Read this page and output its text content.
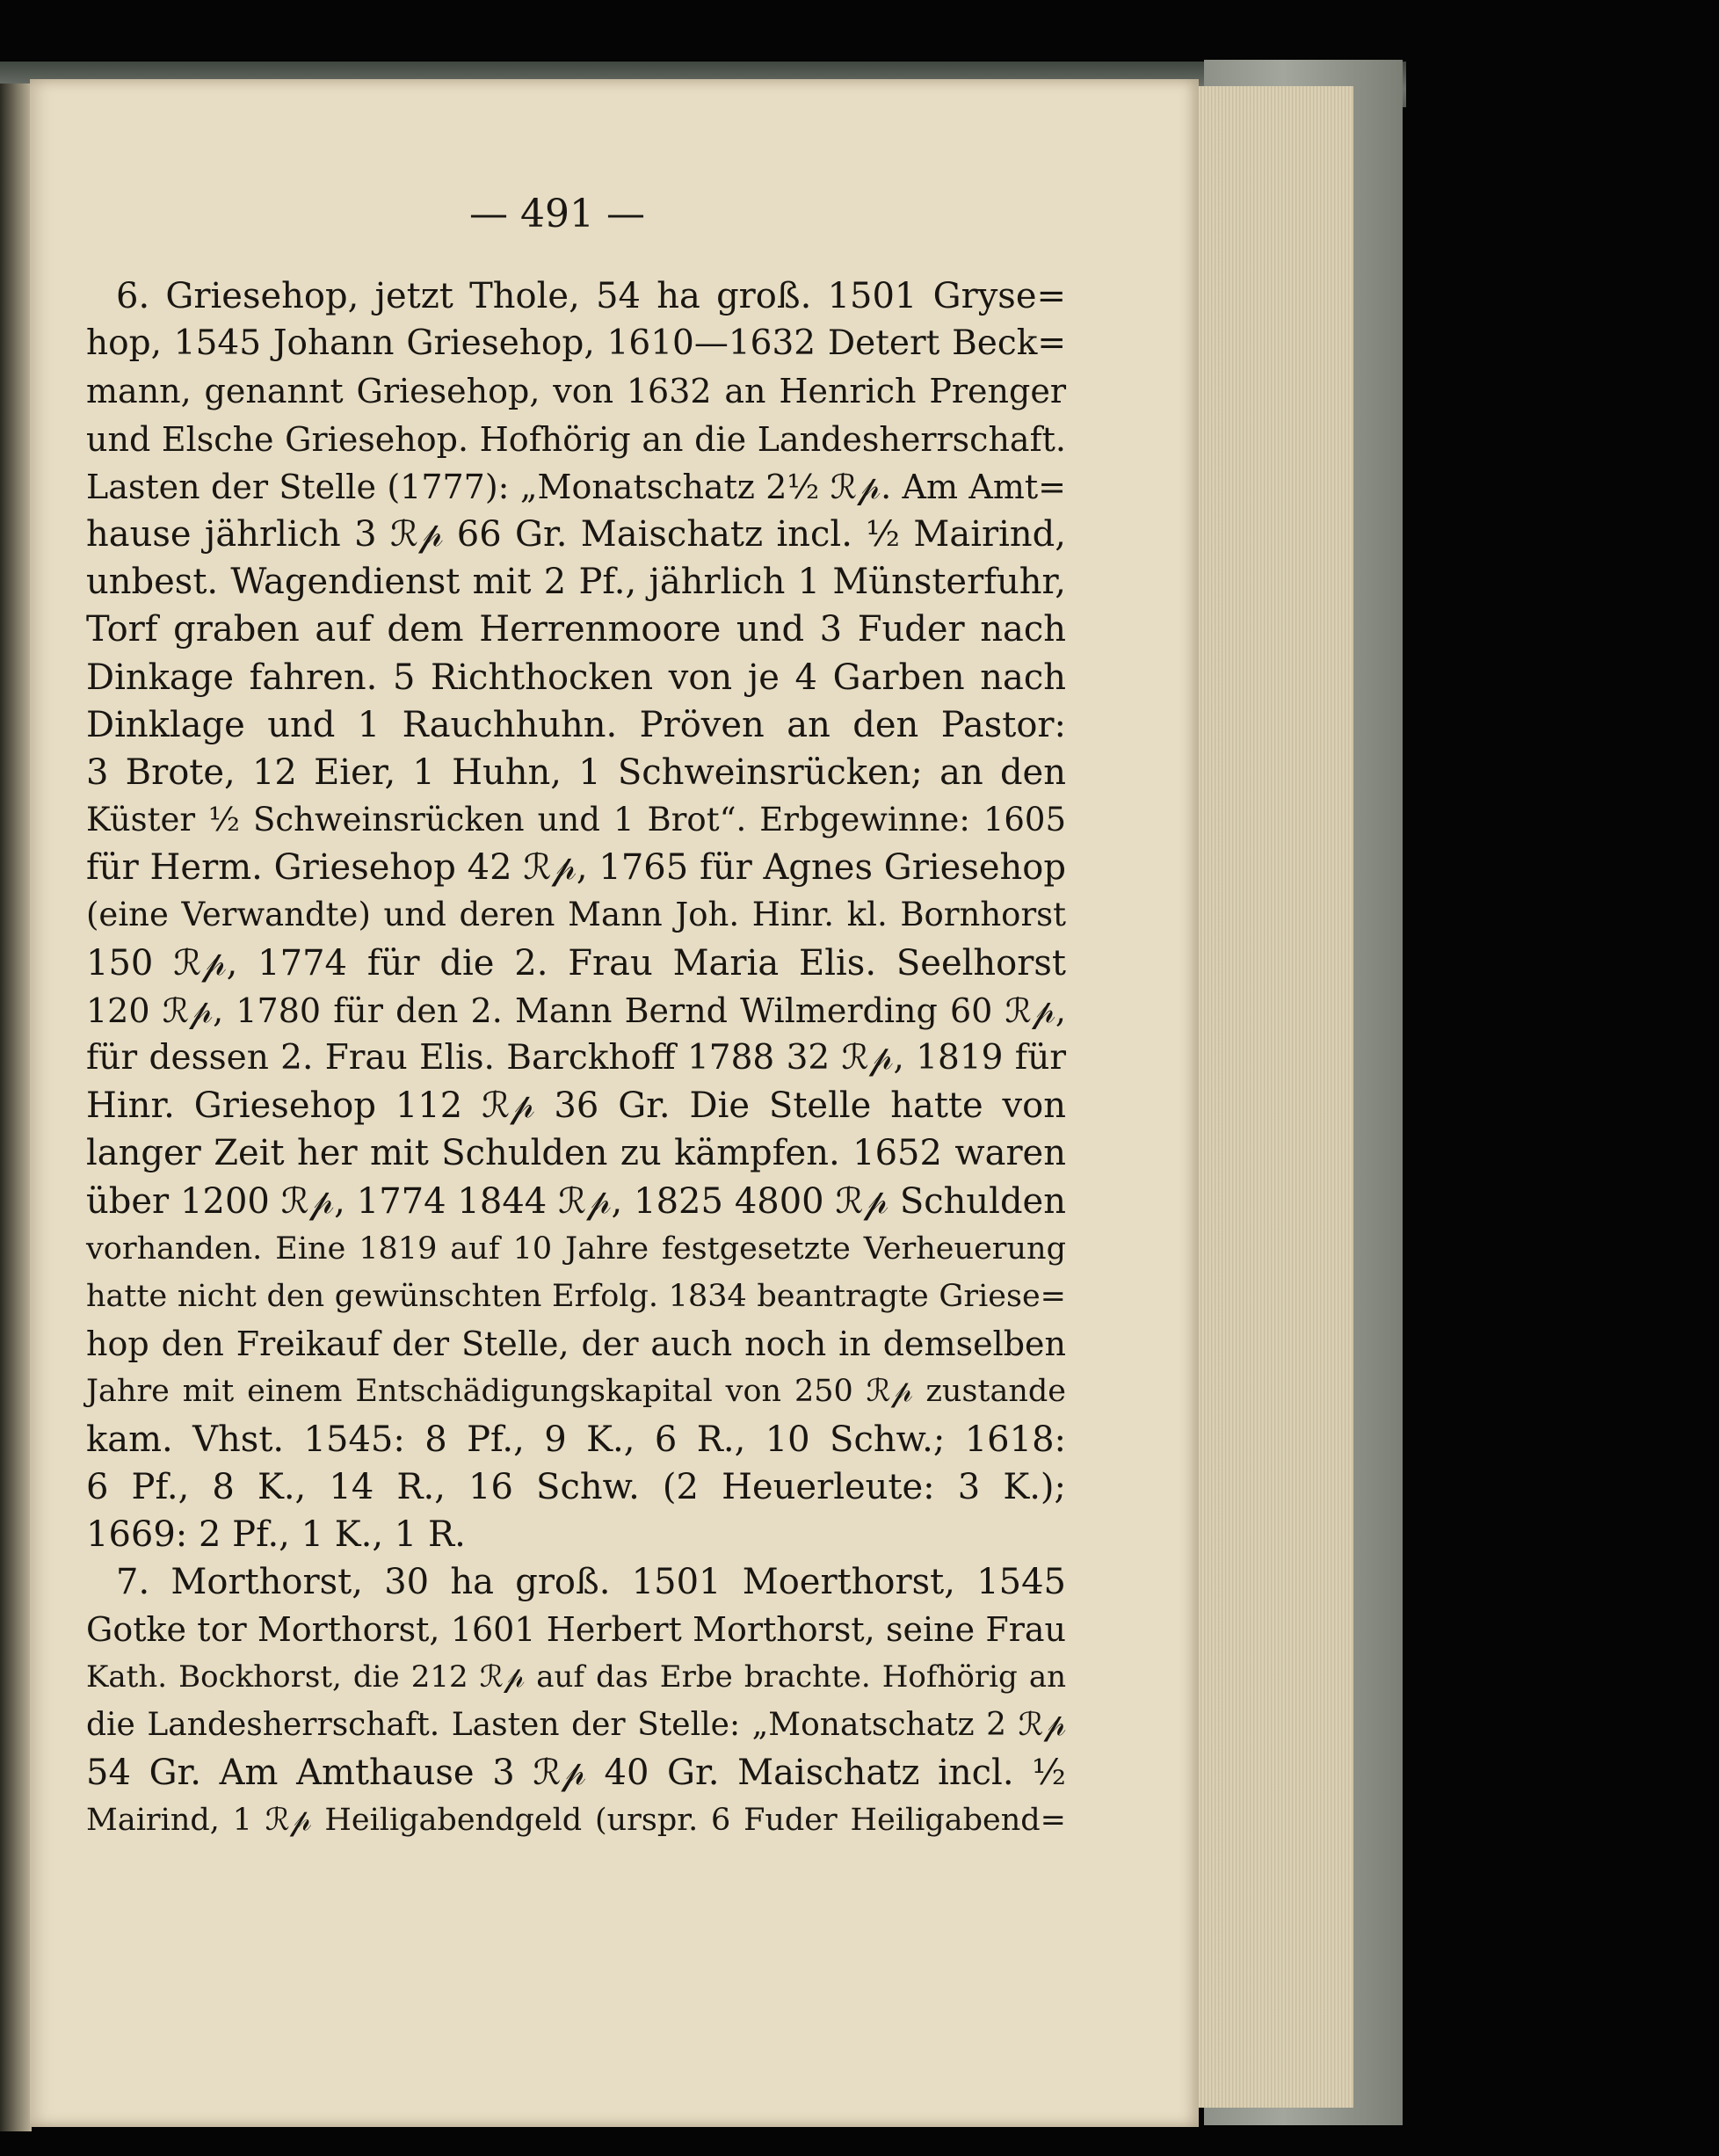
— 491 —
6. Griesehop, jetzt Thole, 54 ha groß. 1501 Gryse=
hop, 1545 Johann Griesehop, 1610—1632 Detert Beck=
mann, genannt Griesehop, von 1632 an Henrich Prenger
und Elsche Griesehop. Hofhörig an die Landesherrschaft.
Lasten der Stelle (1777): „Monatschatz 2½ ℛ𝓅. Am Amt=
hause jährlich 3 ℛ𝓅 66 Gr. Maischatz incl. ½ Mairind,
unbest. Wagendienst mit 2 Pf., jährlich 1 Münsterfuhr,
Torf graben auf dem Herrenmoore und 3 Fuder nach
Dinkage fahren. 5 Richthocken von je 4 Garben nach
Dinklage und 1 Rauchhuhn. Pröven an den Pastor:
3 Brote, 12 Eier, 1 Huhn, 1 Schweinsrücken; an den
Küster ½ Schweinsrücken und 1 Brot“. Erbgewinne: 1605
für Herm. Griesehop 42 ℛ𝓅, 1765 für Agnes Griesehop
(eine Verwandte) und deren Mann Joh. Hinr. kl. Bornhorst
150 ℛ𝓅, 1774 für die 2. Frau Maria Elis. Seelhorst
120 ℛ𝓅, 1780 für den 2. Mann Bernd Wilmerding 60 ℛ𝓅,
für dessen 2. Frau Elis. Barckhoff 1788 32 ℛ𝓅, 1819 für
Hinr. Griesehop 112 ℛ𝓅 36 Gr. Die Stelle hatte von
langer Zeit her mit Schulden zu kämpfen. 1652 waren
über 1200 ℛ𝓅, 1774 1844 ℛ𝓅, 1825 4800 ℛ𝓅 Schulden
vorhanden. Eine 1819 auf 10 Jahre festgesetzte Verheuerung
hatte nicht den gewünschten Erfolg. 1834 beantragte Griese=
hop den Freikauf der Stelle, der auch noch in demselben
Jahre mit einem Entschädigungskapital von 250 ℛ𝓅 zustande
kam. Vhst. 1545: 8 Pf., 9 K., 6 R., 10 Schw.; 1618:
6 Pf., 8 K., 14 R., 16 Schw. (2 Heuerleute: 3 K.);
1669: 2 Pf., 1 K., 1 R.
7. Morthorst, 30 ha groß. 1501 Moerthorst, 1545
Gotke tor Morthorst, 1601 Herbert Morthorst, seine Frau
Kath. Bockhorst, die 212 ℛ𝓅 auf das Erbe brachte. Hofhörig an
die Landesherrschaft. Lasten der Stelle: „Monatschatz 2 ℛ𝓅
54 Gr. Am Amthause 3 ℛ𝓅 40 Gr. Maischatz incl. ½
Mairind, 1 ℛ𝓅 Heiligabendgeld (urspr. 6 Fuder Heiligabend=
